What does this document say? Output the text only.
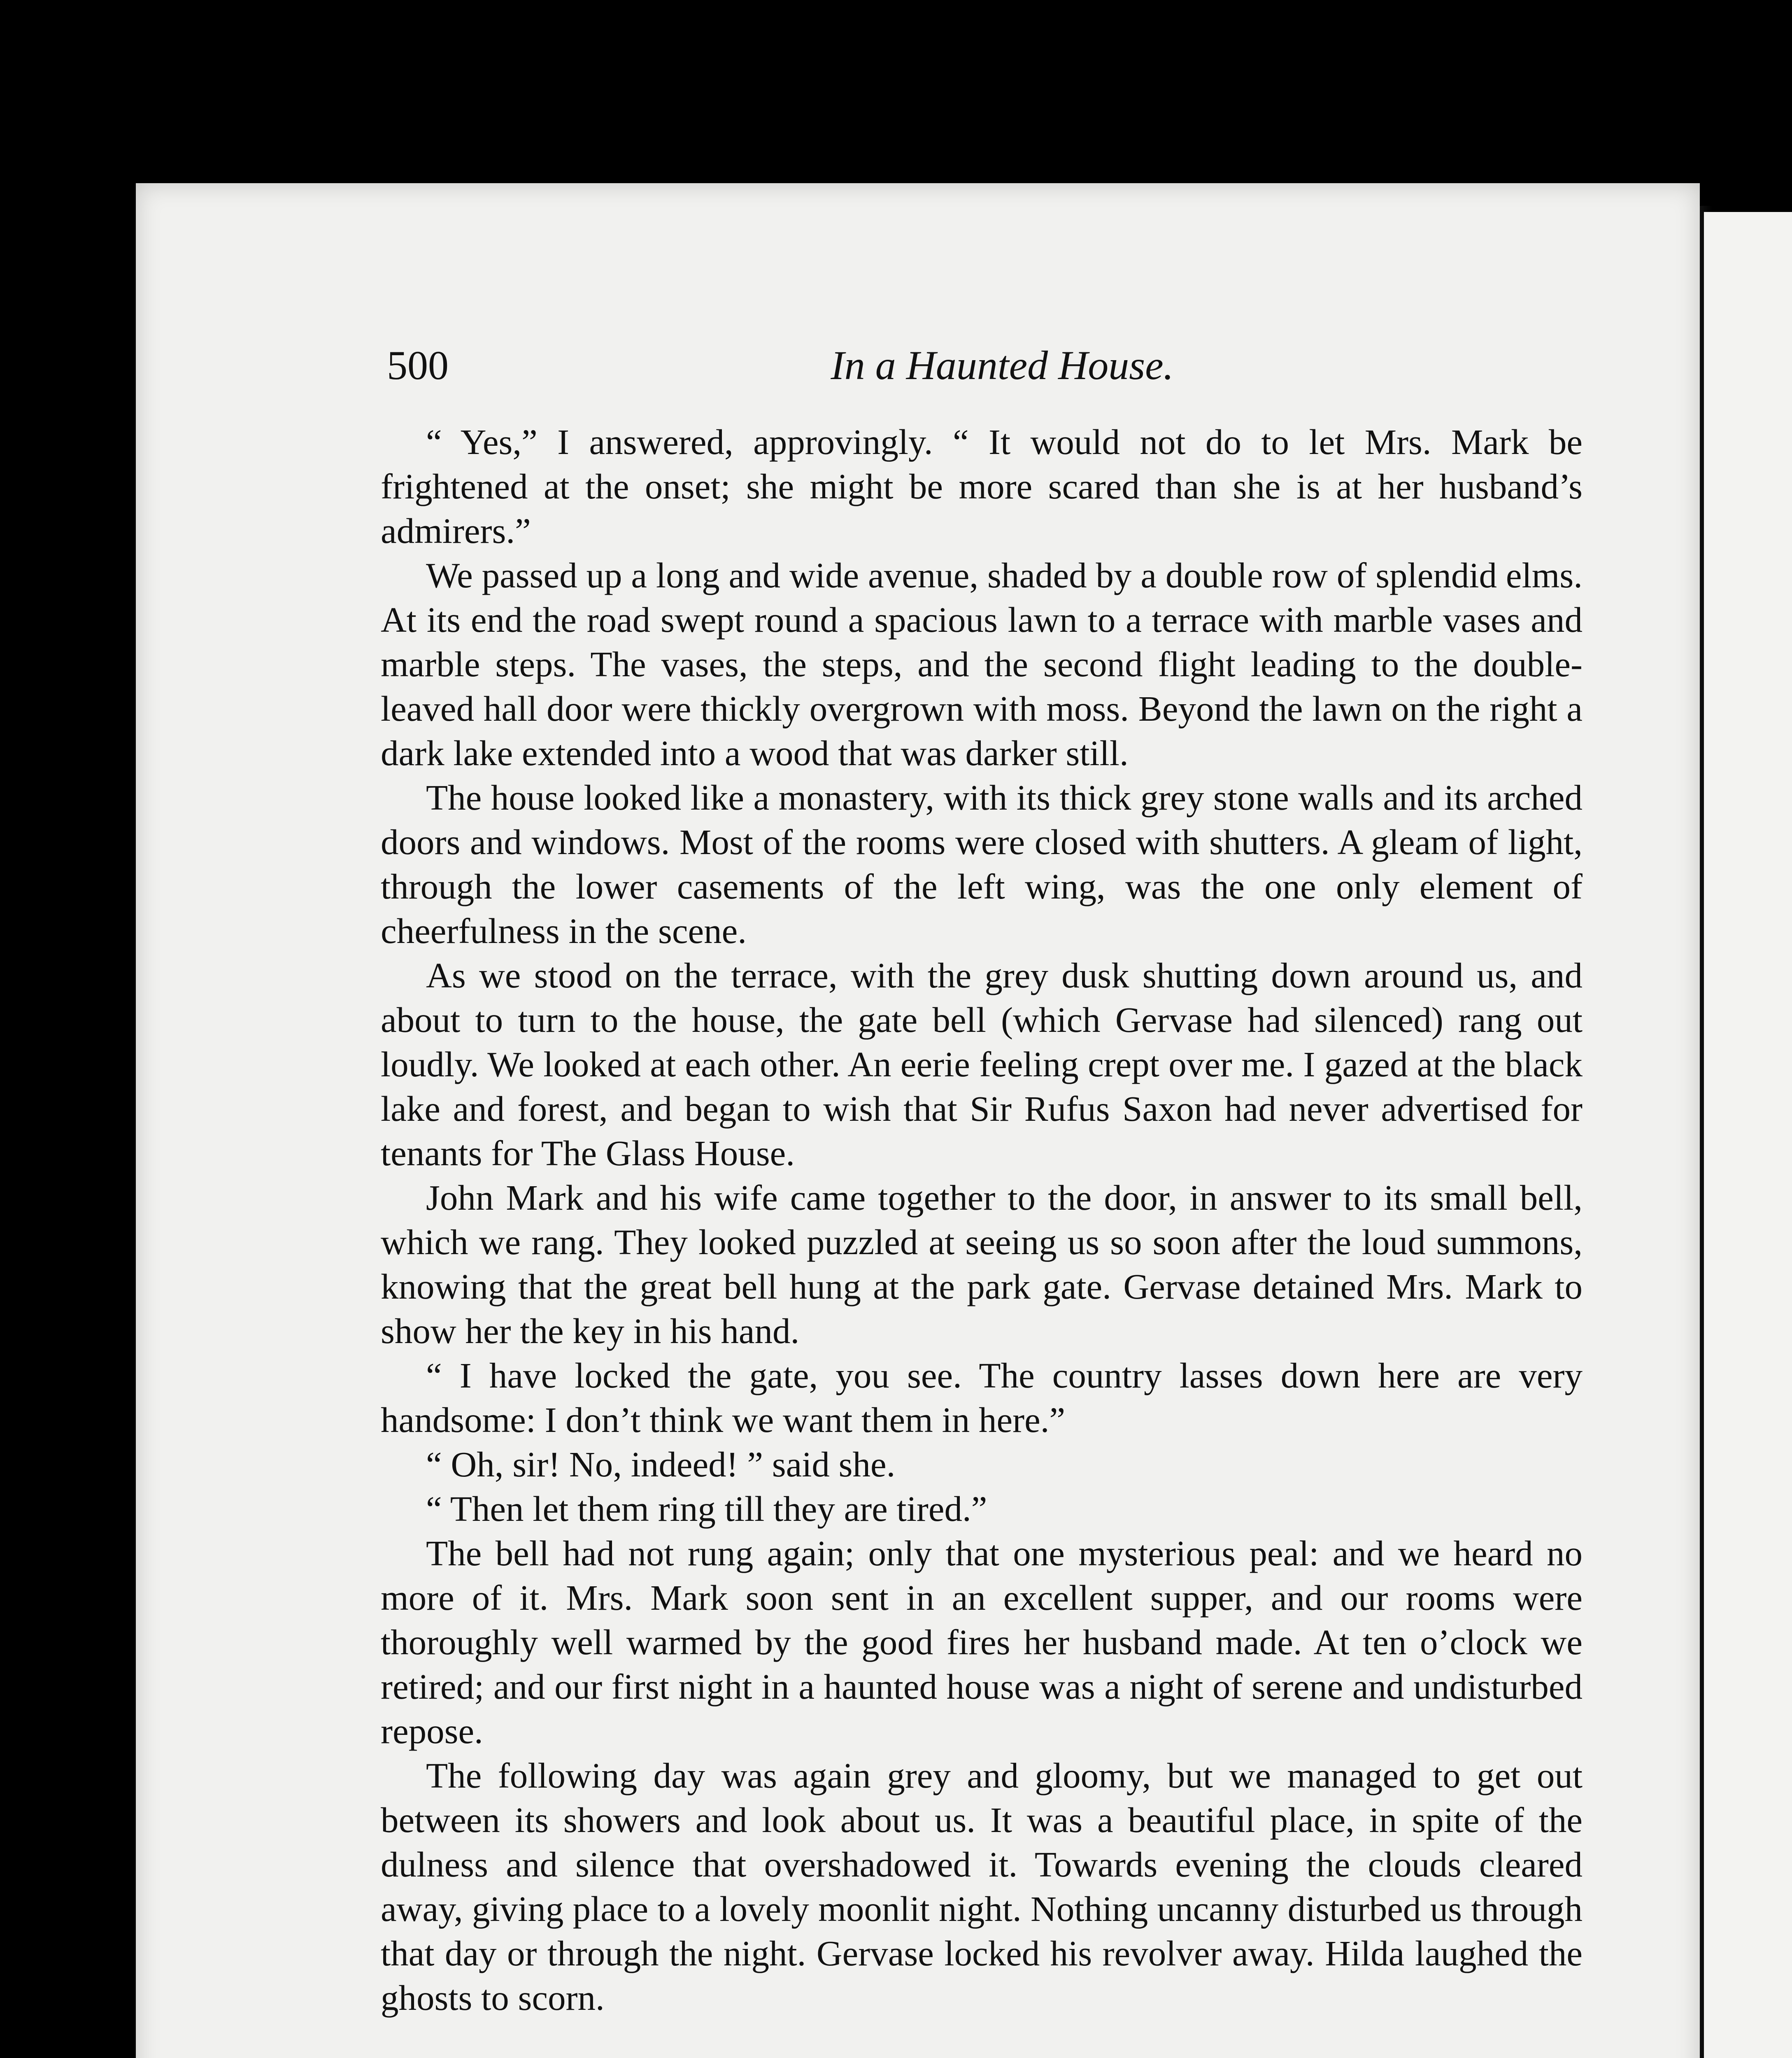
500	In a Haunted House.

“ Yes,” I answered, approvingly. “ It would not do to let Mrs. Mark be frightened at the onset; she might be more scared than she is at her husband’s admirers.”

We passed up a long and wide avenue, shaded by a double row of splendid elms. At its end the road swept round a spacious lawn to a terrace with marble vases and marble steps. The vases, the steps, and the second flight leading to the double-leaved hall door were thickly overgrown with moss. Beyond the lawn on the right a dark lake extended into a wood that was darker still.

The house looked like a monastery, with its thick grey stone walls and its arched doors and windows. Most of the rooms were closed with shutters. A gleam of light, through the lower casements of the left wing, was the one only element of cheerfulness in the scene.

As we stood on the terrace, with the grey dusk shutting down around us, and about to turn to the house, the gate bell (which Gervase had silenced) rang out loudly. We looked at each other. An eerie feeling crept over me. I gazed at the black lake and forest, and began to wish that Sir Rufus Saxon had never advertised for tenants for The Glass House.

John Mark and his wife came together to the door, in answer to its small bell, which we rang. They looked puzzled at seeing us so soon after the loud summons, knowing that the great bell hung at the park gate. Gervase detained Mrs. Mark to show her the key in his hand.

“ I have locked the gate, you see. The country lasses down here are very handsome: I don’t think we want them in here.”

“ Oh, sir! No, indeed! ” said she.

“ Then let them ring till they are tired.”

The bell had not rung again; only that one mysterious peal: and we heard no more of it. Mrs. Mark soon sent in an excellent supper, and our rooms were thoroughly well warmed by the good fires her husband made. At ten o’clock we retired; and our first night in a haunted house was a night of serene and undisturbed repose.

The following day was again grey and gloomy, but we managed to get out between its showers and look about us. It was a beautiful place, in spite of the dulness and silence that overshadowed it. Towards evening the clouds cleared away, giving place to a lovely moonlit night. Nothing uncanny disturbed us through that day or through the night. Gervase locked his revolver away. Hilda laughed the ghosts to scorn.
